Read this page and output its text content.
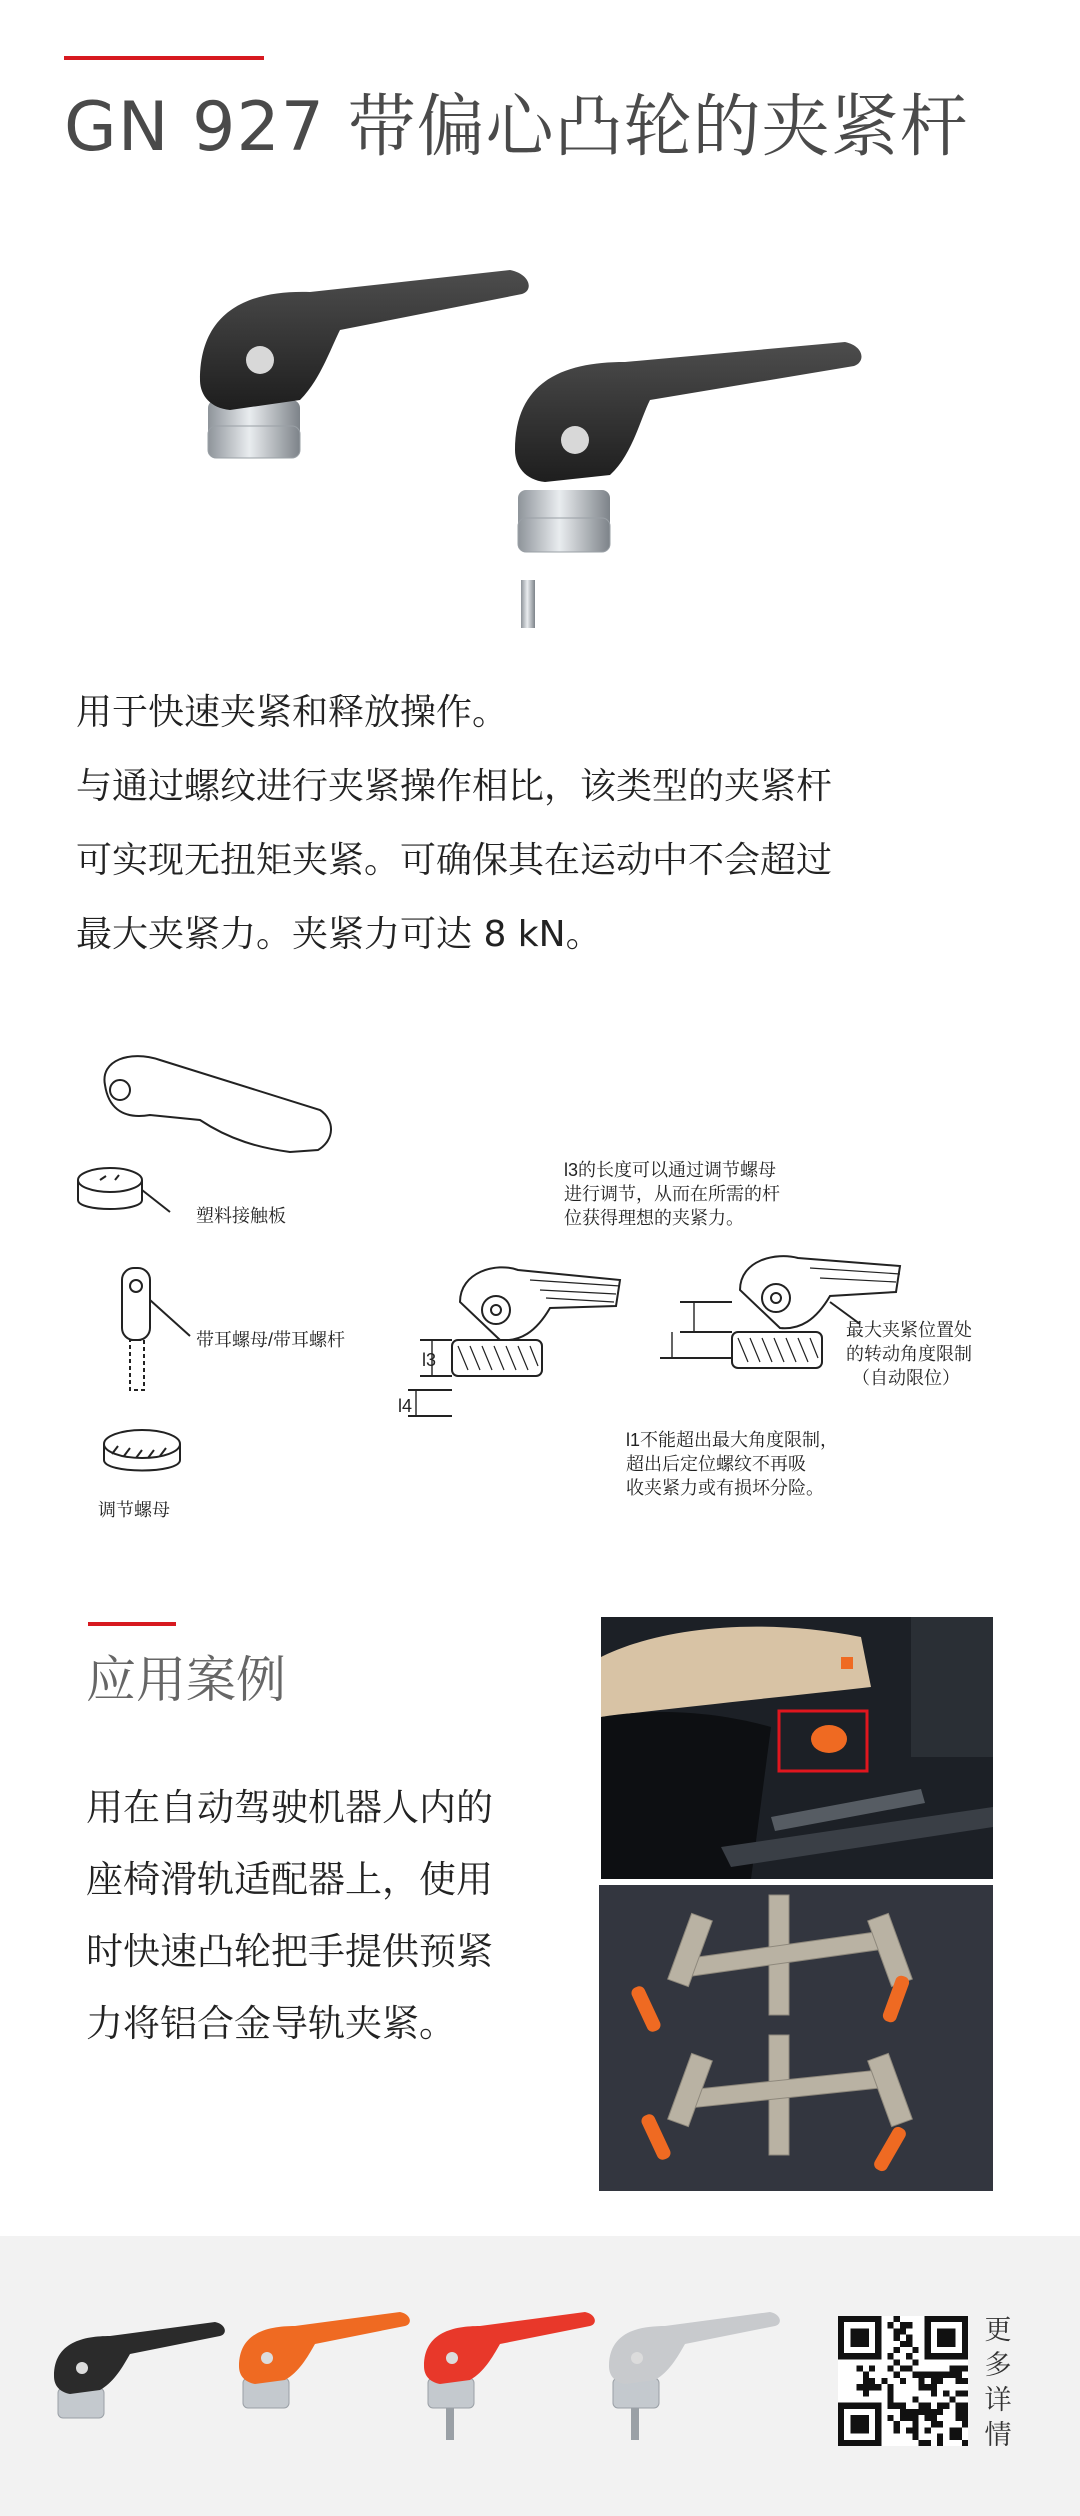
GN 927 带偏心凸轮的夹紧杆
用于快速夹紧和释放操作。
与通过螺纹进行夹紧操作相比，该类型的夹紧杆
可实现无扭矩夹紧。可确保其在运动中不会超过
最大夹紧力。夹紧力可达 8 kN。
塑料接触板
带耳螺母/带耳螺杆
调节螺母
l3的长度可以通过调节螺母
进行调节，从而在所需的杆
位获得理想的夹紧力。
l3
l4
最大夹紧位置处
的转动角度限制
（自动限位）
l1不能超出最大角度限制，
超出后定位螺纹不再吸
收夹紧力或有损坏分险。
应用案例
用在自动驾驶机器人内的
座椅滑轨适配器上，使用
时快速凸轮把手提供预紧
力将铝合金导轨夹紧。
更
多
详
情
